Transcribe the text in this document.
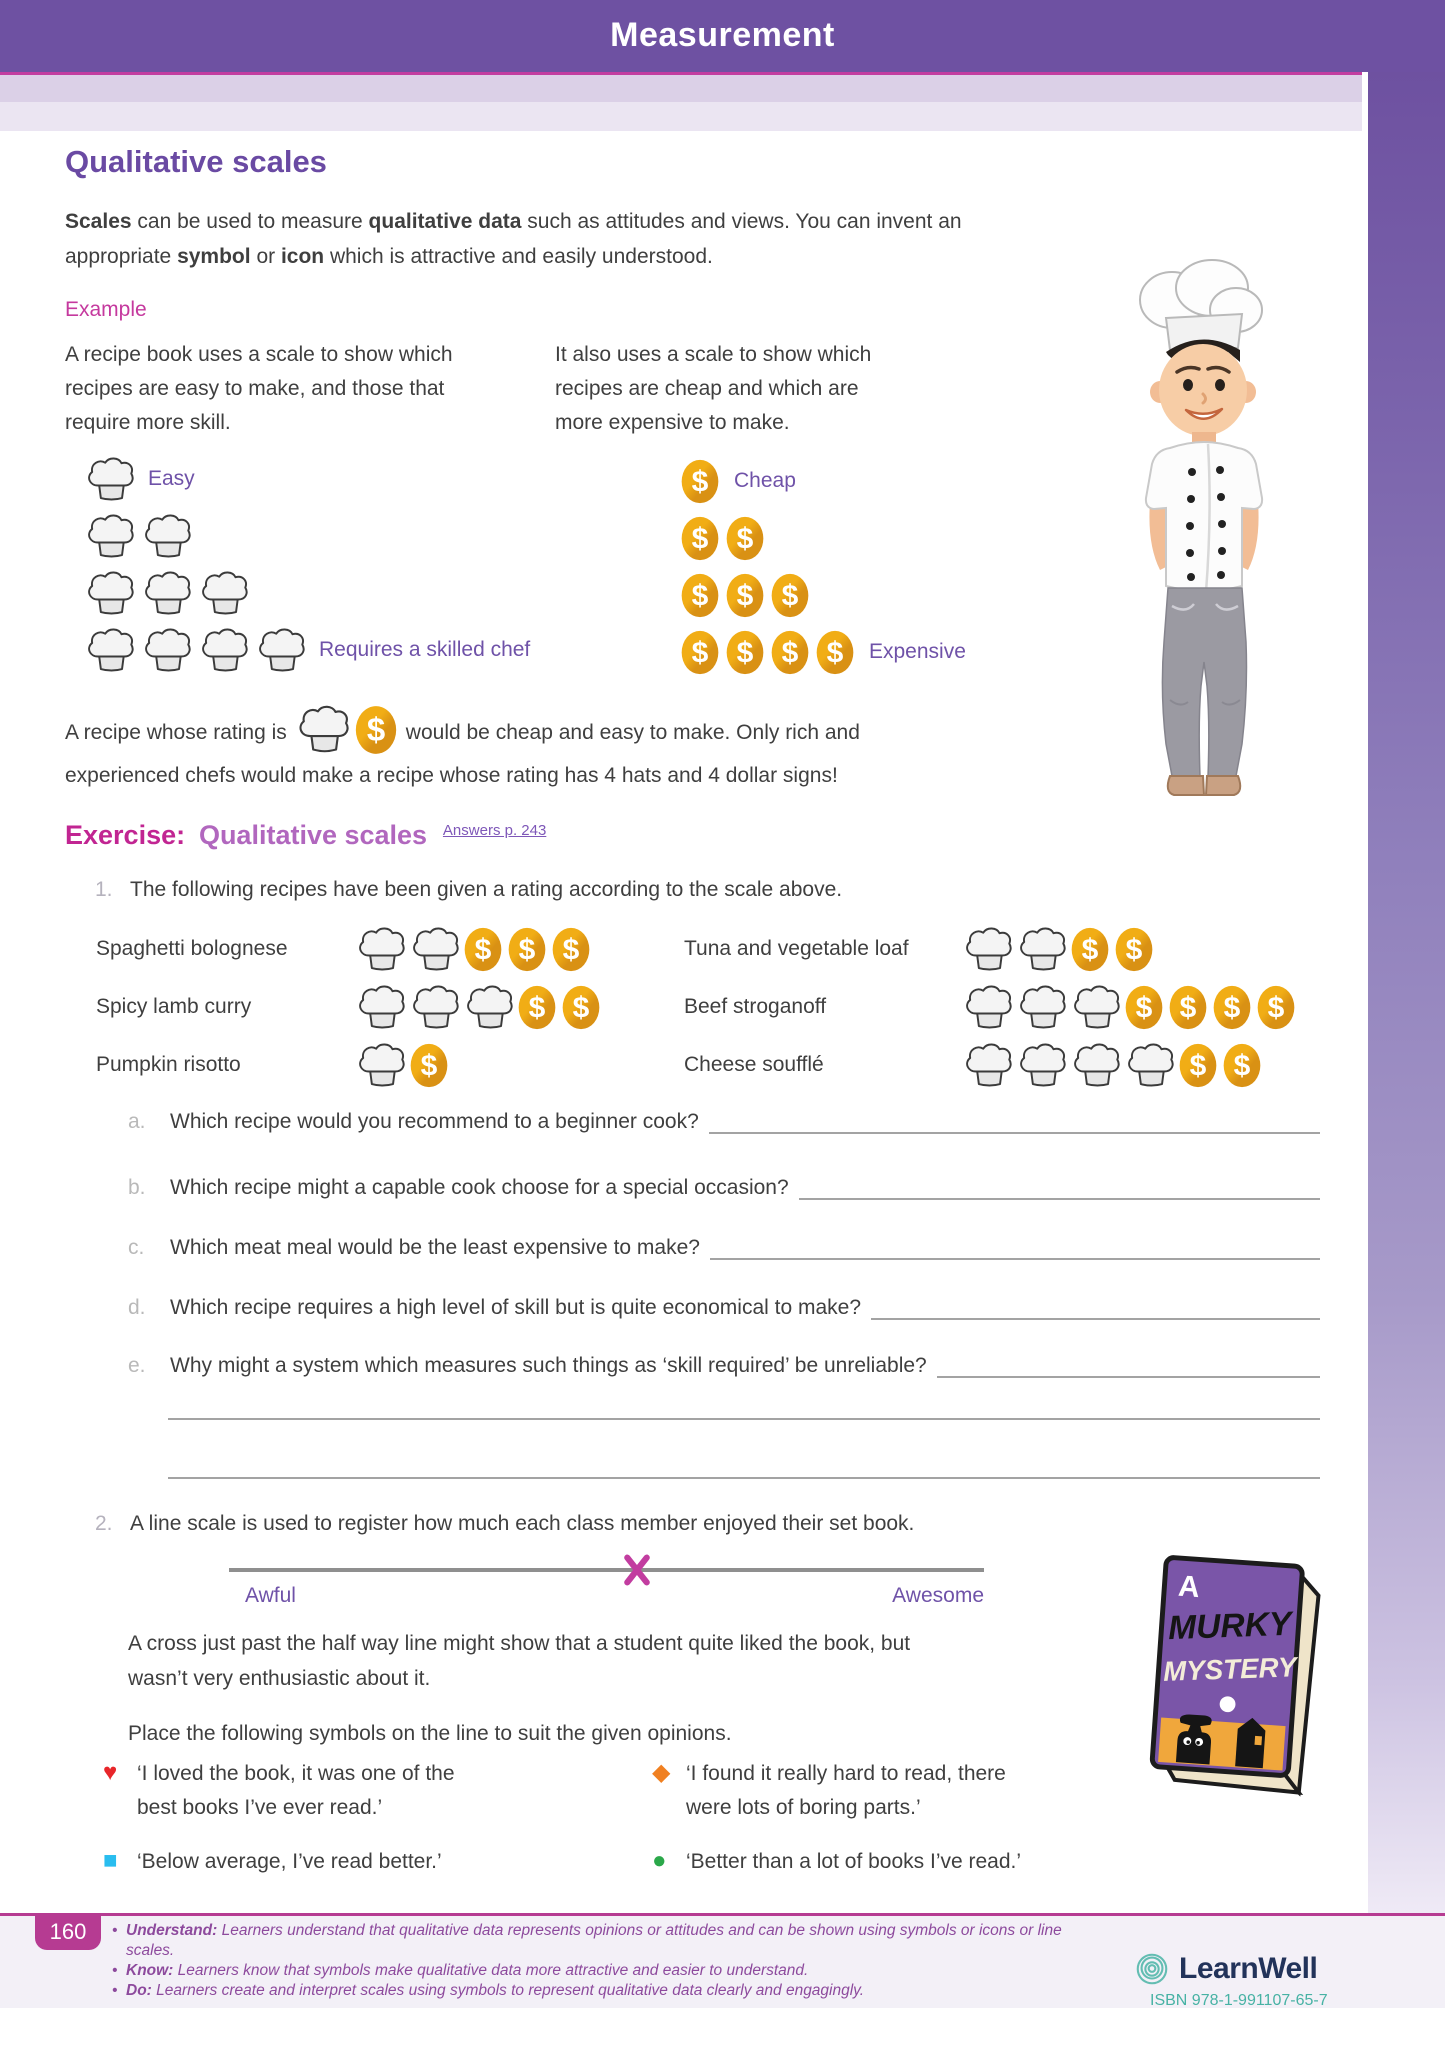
Measurement
Qualitative scales
Scales can be used to measure qualitative data such as attitudes and views. You can invent an appropriate symbol or icon which is attractive and easily understood.
Example
A recipe book uses a scale to show which recipes are easy to make, and those that require more skill.
It also uses a scale to show which recipes are cheap and which are more expensive to make.
Easy
Requires a skilled chef
$ Cheap
$ $
$ $ $
$ $ $ $ Expensive
A recipe whose rating is	$ would be cheap and easy to make. Only rich and experienced chefs would make a recipe whose rating has 4 hats and 4 dollar signs!
Exercise: Qualitative scales $^{Answers p. 243}$
1. The following recipes have been given a rating according to the scale above.
Spaghetti bolognese	$ $ $
Spicy lamb curry	$ $
Pumpkin risotto	$
Tuna and vegetable loaf	$ $
Beef stroganoff	$ $ $ $
Cheese soufflé	$ $
a.	Which recipe would you recommend to a beginner cook?
b.	Which recipe might a capable cook choose for a special occasion?
c.	Which meat meal would be the least expensive to make?
d.	Which recipe requires a high level of skill but is quite economical to make?
e.	Why might a system which measures such things as ‘skill required’ be unreliable?
2. A line scale is used to register how much each class member enjoyed their set book.
Awful	Awesome
A cross just past the half way line might show that a student quite liked the book, but wasn’t very enthusiastic about it.
Place the following symbols on the line to suit the given opinions.
♥ ‘I loved the book, it was one of the best books I’ve ever read.’
◆ ‘I found it really hard to read, there were lots of boring parts.’
■ ‘Below average, I’ve read better.’	● ‘Better than a lot of books I’ve read.’
A
MURKY
MYSTERY
160	• Understand: Learners understand that qualitative data represents opinions or attitudes and can be shown using symbols or icons or line scales.
• Know: Learners know that symbols make qualitative data more attractive and easier to understand.
• Do: Learners create and interpret scales using symbols to represent qualitative data clearly and engagingly.
LearnWell
ISBN 978-1-991107-65-7
